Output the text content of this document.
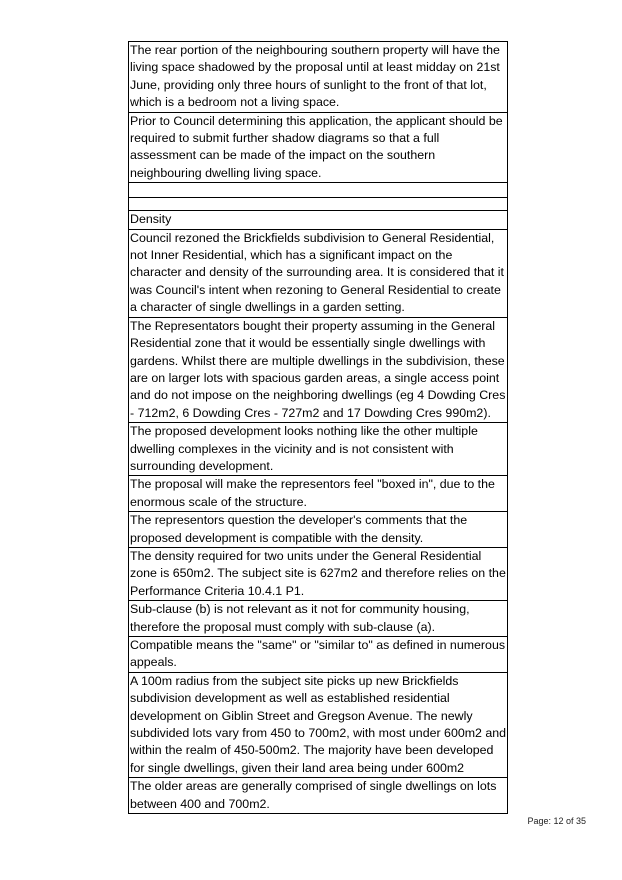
The rear portion of the neighbouring southern property will have the living space shadowed by the proposal until at least midday on 21st June, providing only three hours of sunlight to the front of that lot, which is a bedroom not a living space.
Prior to Council determining this application, the applicant should be required to submit further shadow diagrams so that a full assessment can be made of the impact on the southern neighbouring dwelling living space.

Density
Council rezoned the Brickfields subdivision to General Residential, not Inner Residential, which has a significant impact on the character and density of the surrounding area. It is considered that it was Council's intent when rezoning to General Residential to create a character of single dwellings in a garden setting.
The Representators bought their property assuming in the General Residential zone that it would be essentially single dwellings with gardens. Whilst there are multiple dwellings in the subdivision, these are on larger lots with spacious garden areas, a single access point and do not impose on the neighboring dwellings (eg 4 Dowding Cres - 712m2, 6 Dowding Cres - 727m2 and 17 Dowding Cres 990m2).
The proposed development looks nothing like the other multiple dwelling complexes in the vicinity and is not consistent with surrounding development.
The proposal will make the representors feel "boxed in", due to the enormous scale of the structure.
The representors question the developer's comments that the proposed development is compatible with the density.
The density required for two units under the General Residential zone is 650m2. The subject site is 627m2 and therefore relies on the Performance Criteria 10.4.1 P1.
Sub-clause (b) is not relevant as it not for community housing, therefore the proposal must comply with sub-clause (a).
Compatible means the "same" or "similar to" as defined in numerous appeals.
A 100m radius from the subject site picks up new Brickfields subdivision development as well as established residential development on Giblin Street and Gregson Avenue. The newly subdivided lots vary from 450 to 700m2, with most under 600m2 and within the realm of 450-500m2. The majority have been developed for single dwellings, given their land area being under 600m2
The older areas are generally comprised of single dwellings on lots between 400 and 700m2.
Page: 12 of 35
